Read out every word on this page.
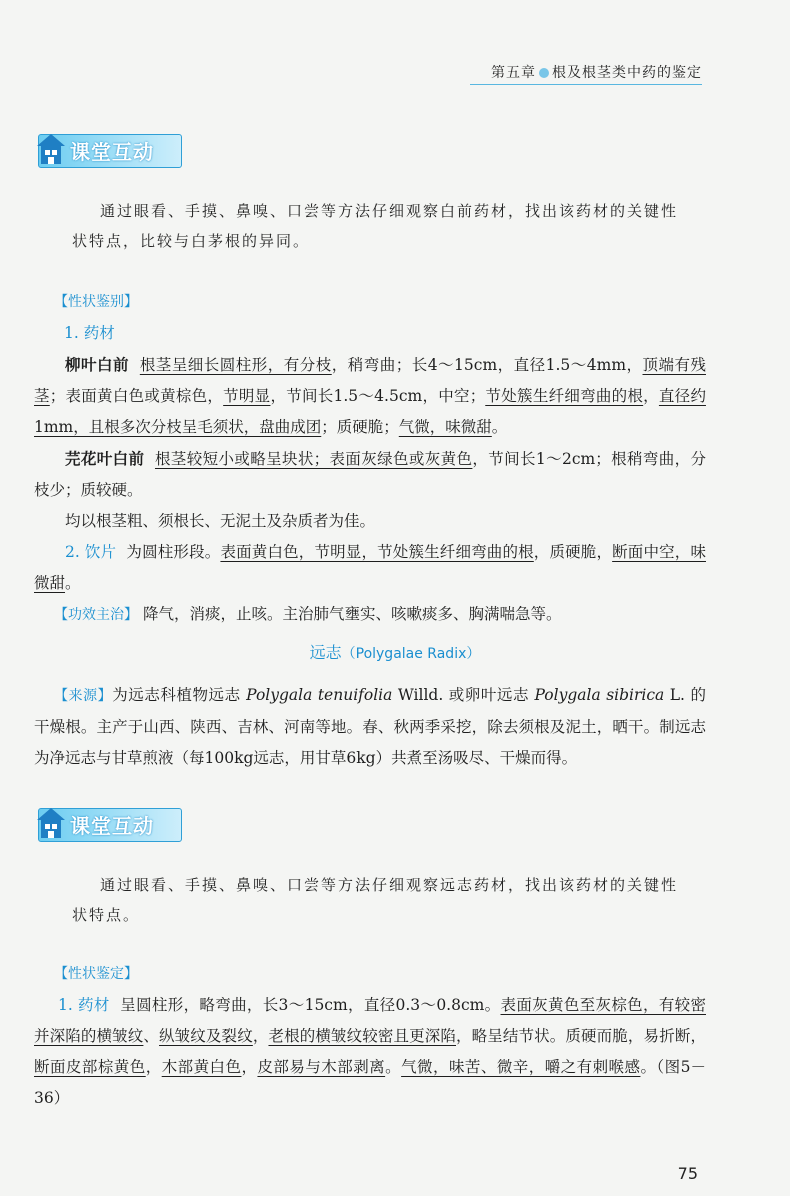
第五章 根及根茎类中药的鉴定
课堂互动

通过眼看、手摸、鼻嗅、口尝等方法仔细观察白前药材，找出该药材的关键性状特点，比较与白茅根的异同。

【性状鉴别】

1. 药材

柳叶白前 根茎呈细长圆柱形，有分枝，稍弯曲；长4～15cm，直径1.5～4mm，顶端有残茎；表面黄白色或黄棕色，节明显，节间长1.5～4.5cm，中空；节处簇生纤细弯曲的根，直径约1mm，且根多次分枝呈毛须状，盘曲成团；质硬脆；气微，味微甜。

芫花叶白前 根茎较短小或略呈块状；表面灰绿色或灰黄色，节间长1～2cm；根稍弯曲，分枝少；质较硬。

均以根茎粗、须根长、无泥土及杂质者为佳。

2. 饮片 为圆柱形段。表面黄白色，节明显，节处簇生纤细弯曲的根，质硬脆，断面中空，味微甜。

【功效主治】 降气，消痰，止咳。主治肺气壅实、咳嗽痰多、胸满喘急等。

远志（Polygalae Radix）

【来源】为远志科植物远志 Polygala tenuifolia Willd. 或卵叶远志 Polygala sibirica L. 的干燥根。主产于山西、陕西、吉林、河南等地。春、秋两季采挖，除去须根及泥土，晒干。制远志为净远志与甘草煎液（每100kg远志，用甘草6kg）共煮至汤吸尽、干燥而得。

课堂互动

通过眼看、手摸、鼻嗅、口尝等方法仔细观察远志药材，找出该药材的关键性状特点。

【性状鉴定】

1. 药材 呈圆柱形，略弯曲，长3～15cm，直径0.3～0.8cm。表面灰黄色至灰棕色，有较密并深陷的横皱纹、纵皱纹及裂纹，老根的横皱纹较密且更深陷，略呈结节状。质硬而脆，易折断，断面皮部棕黄色，木部黄白色，皮部易与木部剥离。气微，味苦、微辛，嚼之有刺喉感。（图5－36）

75
